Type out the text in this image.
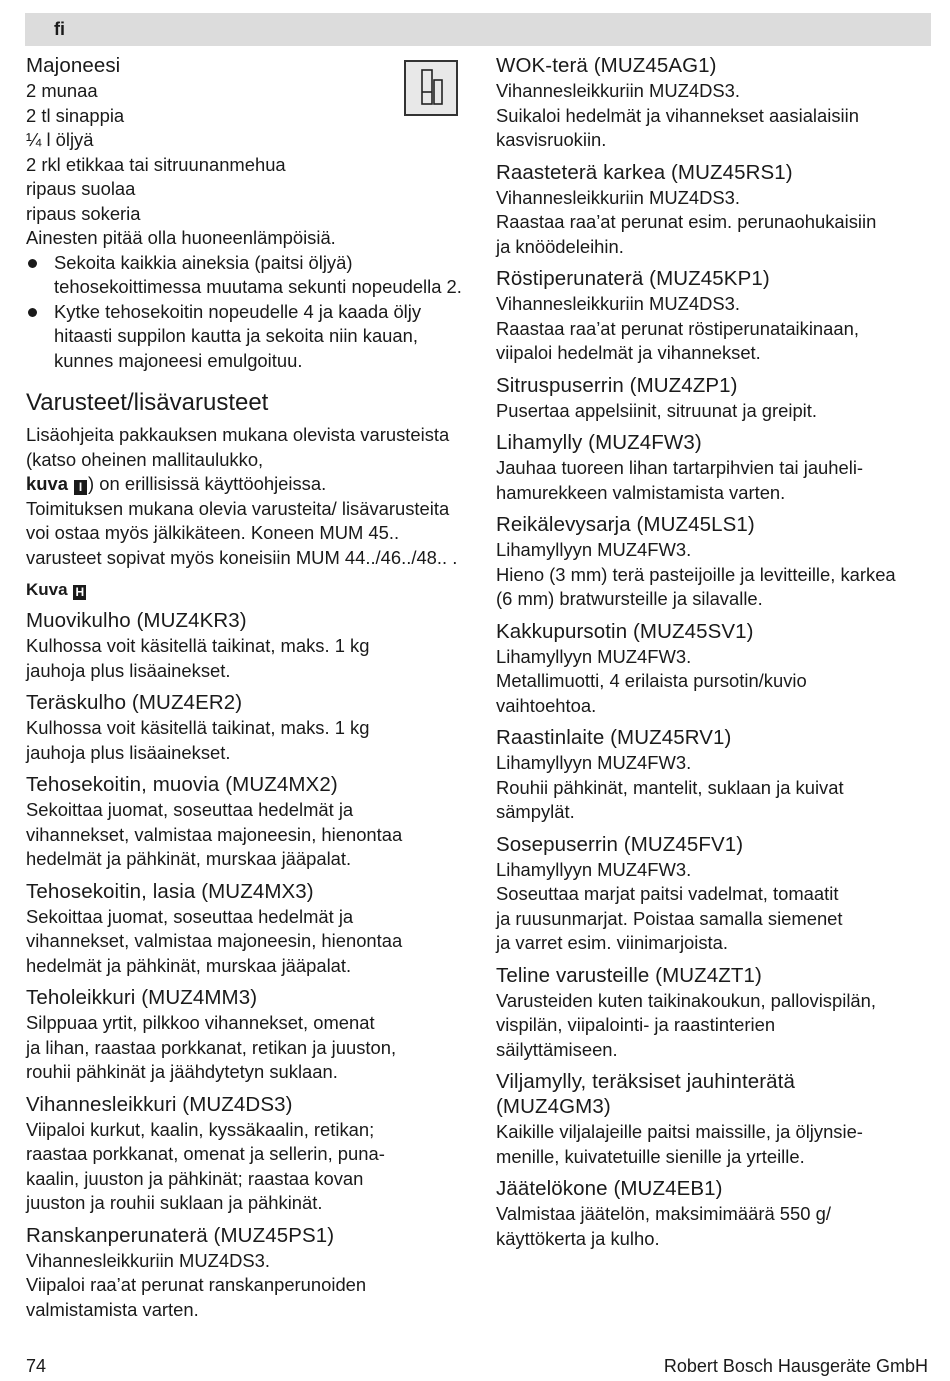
fi
Majoneesi

2 munaa
2 tl sinappia
¼ l öljyä
2 rkl etikkaa tai sitruunanmehua
ripaus suolaa
ripaus sokeria
Ainesten pitää olla huoneenlämpöisiä.

Sekoita kaikkia aineksia (paitsi öljyä) tehosekoittimessa muutama sekunti nopeudella 2.
Kytke tehosekoitin nopeudelle 4 ja kaada öljy hitaasti suppilon kautta ja sekoita niin kauan, kunnes majoneesi emulgoituu.
Varusteet/lisävarusteet

Lisäohjeita pakkauksen mukana olevista varusteista (katso oheinen mallitaulukko,
kuva I ) on erillisissä käyttöohjeissa.
Toimituksen mukana olevia varusteita/ lisävarusteita voi ostaa myös jälkikäteen. Koneen MUM 45.. varusteet sopivat myös koneisiin MUM 44../46../48.. .

Kuva H
Muovikulho (MUZ4KR3)

Kulhossa voit käsitellä taikinat, maks. 1 kg
jauhoja plus lisäainekset.

Teräskulho (MUZ4ER2)

Kulhossa voit käsitellä taikinat, maks. 1 kg
jauhoja plus lisäainekset.

Tehosekoitin, muovia (MUZ4MX2)

Sekoittaa juomat, soseuttaa hedelmät ja
vihannekset, valmistaa majoneesin, hienontaa
hedelmät ja pähkinät, murskaa jääpalat.

Tehosekoitin, lasia (MUZ4MX3)

Sekoittaa juomat, soseuttaa hedelmät ja
vihannekset, valmistaa majoneesin, hienontaa
hedelmät ja pähkinät, murskaa jääpalat.

Teholeikkuri (MUZ4MM3)

Silppuaa yrtit, pilkkoo vihannekset, omenat
ja lihan, raastaa porkkanat, retikan ja juuston,
rouhii pähkinät ja jäähdytetyn suklaan.

Vihannesleikkuri (MUZ4DS3)

Viipaloi kurkut, kaalin, kyssäkaalin, retikan;
raastaa porkkanat, omenat ja sellerin, puna-
kaalin, juuston ja pähkinät; raastaa kovan
juuston ja rouhii suklaan ja pähkinät.

Ranskanperunaterä (MUZ45PS1)

Vihannesleikkuriin MUZ4DS3.
Viipaloi raa’at perunat ranskanperunoiden
valmistamista varten.

WOK-terä (MUZ45AG1)

Vihannesleikkuriin MUZ4DS3.
Suikaloi hedelmät ja vihannekset aasialaisiin
kasvisruokiin.

Raasteterä karkea (MUZ45RS1)

Vihannesleikkuriin MUZ4DS3.
Raastaa raa’at perunat esim. perunaohukaisiin
ja knöödeleihin.

Röstiperunaterä (MUZ45KP1)

Vihannesleikkuriin MUZ4DS3.
Raastaa raa’at perunat röstiperunataikinaan,
viipaloi hedelmät ja vihannekset.

Sitruspuserrin (MUZ4ZP1)

Pusertaa appelsiinit, sitruunat ja greipit.

Lihamylly (MUZ4FW3)

Jauhaa tuoreen lihan tartarpihvien tai jauheli-
hamurekkeen valmistamista varten.

Reikälevysarja (MUZ45LS1)

Lihamyllyyn MUZ4FW3.
Hieno (3 mm) terä pasteijoille ja levitteille, karkea
(6 mm) bratwursteille ja silavalle.

Kakkupursotin (MUZ45SV1)

Lihamyllyyn MUZ4FW3.
Metallimuotti, 4 erilaista pursotin/kuvio
vaihtoehtoa.

Raastinlaite (MUZ45RV1)

Lihamyllyyn MUZ4FW3.
Rouhii pähkinät, mantelit, suklaan ja kuivat
sämpylät.

Sosepuserrin (MUZ45FV1)

Lihamyllyyn MUZ4FW3.
Soseuttaa marjat paitsi vadelmat, tomaatit
ja ruusunmarjat. Poistaa samalla siemenet
ja varret esim. viinimarjoista.

Teline varusteille (MUZ4ZT1)

Varusteiden kuten taikinakoukun, pallovispilän,
vispilän, viipalointi- ja raastinterien
säilyttämiseen.

Viljamylly, teräksiset jauhinterätä
(MUZ4GM3)

Kaikille viljalajeille paitsi maissille, ja öljynsie-
menille, kuivatetuille sienille ja yrteille.

Jäätelökone (MUZ4EB1)

Valmistaa jäätelön, maksimimäärä 550 g/
käyttökerta ja kulho.

74	Robert Bosch Hausgeräte GmbH
